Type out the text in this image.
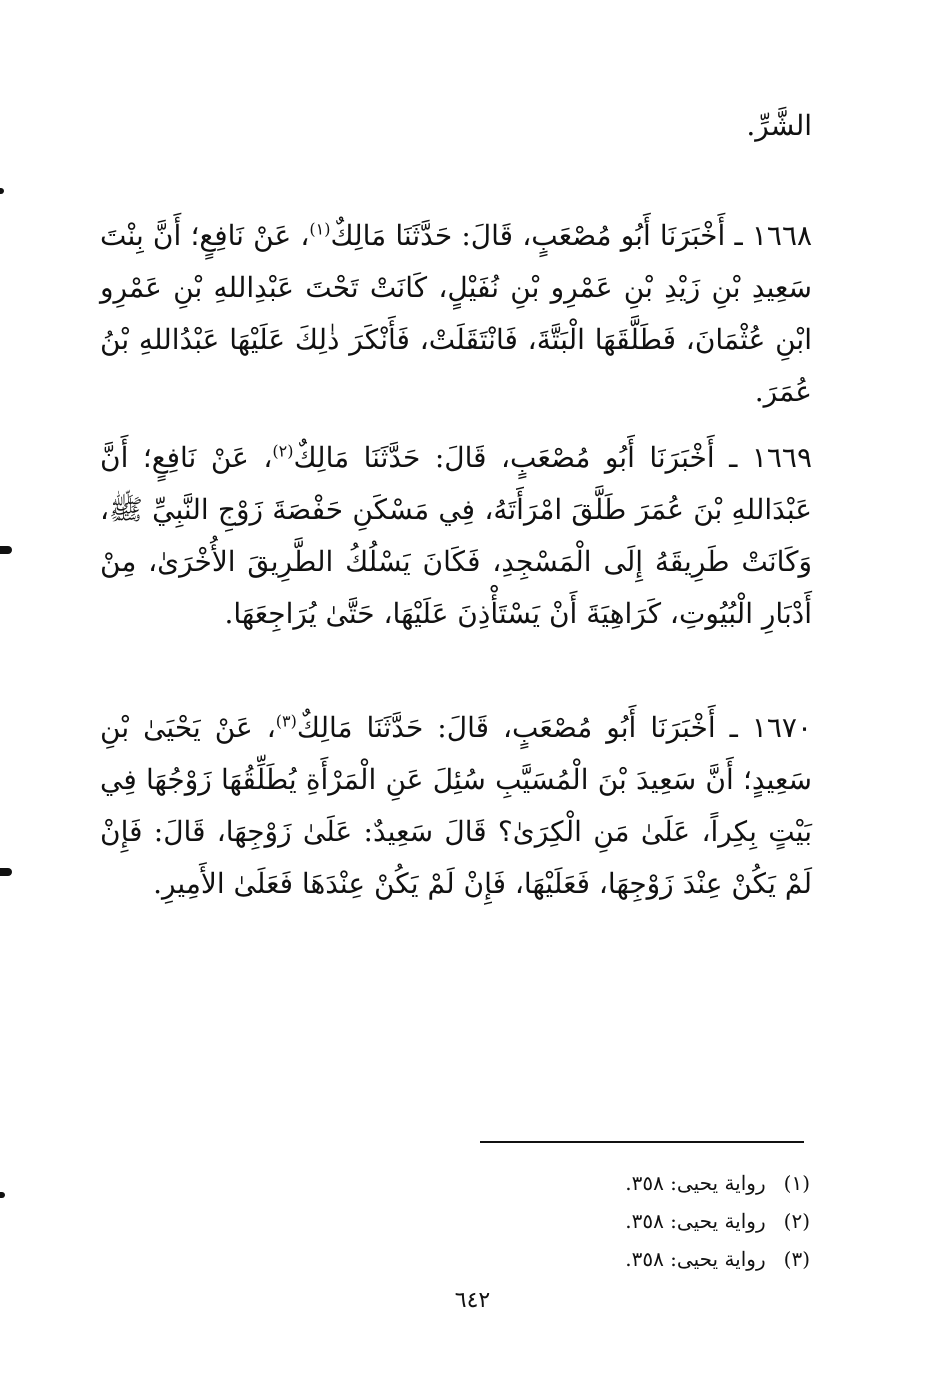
الشَّرِّ.
١٦٦٨ ـ أَخْبَرَنَا أَبُو مُصْعَبٍ، قَالَ: حَدَّثَنَا مَالِكٌ$^{(١)}$، عَنْ نَافِعٍ؛ أَنَّ بِنْتَ سَعِيدِ بْنِ زَيْدِ بْنِ عَمْرِو بْنِ نُفَيْلٍ، كَانَتْ تَحْتَ عَبْدِاللهِ بْنِ عَمْرِو ابْنِ عُثْمَانَ، فَطَلَّقَهَا الْبَتَّةَ، فَانْتَقَلَتْ، فَأَنْكَرَ ذٰلِكَ عَلَيْهَا عَبْدُاللهِ بْنُ عُمَرَ.
١٦٦٩ ـ أَخْبَرَنَا أَبُو مُصْعَبٍ، قَالَ: حَدَّثَنَا مَالِكٌ$^{(٢)}$، عَنْ نَافِعٍ؛ أَنَّ عَبْدَاللهِ بْنَ عُمَرَ طَلَّقَ امْرَأَتَهُ، فِي مَسْكَنِ حَفْصَةَ زَوْجِ النَّبِيِّ ﷺ، وَكَانَتْ طَرِيقَهُ إِلَى الْمَسْجِدِ، فَكَانَ يَسْلُكُ الطَّرِيقَ الأُخْرَىٰ، مِنْ أَدْبَارِ الْبُيُوتِ، كَرَاهِيَةَ أَنْ يَسْتَأْذِنَ عَلَيْهَا، حَتَّىٰ يُرَاجِعَهَا.
١٦٧٠ ـ أَخْبَرَنَا أَبُو مُصْعَبٍ، قَالَ: حَدَّثَنَا مَالِكٌ$^{(٣)}$، عَنْ يَحْيَىٰ بْنِ سَعِيدٍ؛ أَنَّ سَعِيدَ بْنَ الْمُسَيَّبِ سُئِلَ عَنِ الْمَرْأَةِ يُطَلِّقُهَا زَوْجُهَا فِي بَيْتٍ بِكِراً، عَلَىٰ مَنِ الْكِرَىٰ؟ قَالَ سَعِيدٌ: عَلَىٰ زَوْجِهَا، قَالَ: فَإِنْ لَمْ يَكُنْ عِنْدَ زَوْجِهَا، فَعَلَيْهَا، فَإِنْ لَمْ يَكُنْ عِنْدَهَا فَعَلَىٰ الأَمِيرِ.
(١)
رواية يحيى: ٣٥٨.
(٢)
رواية يحيى: ٣٥٨.
(٣)
رواية يحيى: ٣٥٨.
٦٤٢
